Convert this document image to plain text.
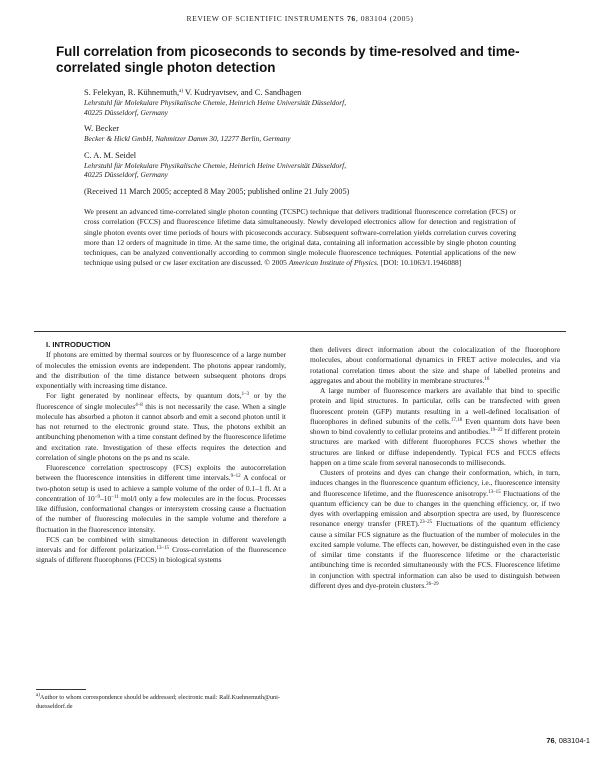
REVIEW OF SCIENTIFIC INSTRUMENTS 76, 083104 (2005)
Full correlation from picoseconds to seconds by time-resolved and time-correlated single photon detection

S. Felekyan, R. Kühnemuth,$^{a)}$ V. Kudryavtsev, and C. Sandhagen

Lehrstuhl für Molekulare Physikalische Chemie, Heinrich Heine Universität Düsseldorf,

40225 Düsseldorf, Germany

W. Becker

Becker & Hickl GmbH, Nahmitzer Damm 30, 12277 Berlin, Germany

C. A. M. Seidel

Lehrstuhl für Molekulare Physikalische Chemie, Heinrich Heine Universität Düsseldorf,

40225 Düsseldorf, Germany

(Received 11 March 2005; accepted 8 May 2005; published online 21 July 2005)

We present an advanced time-correlated single photon counting (TCSPC) technique that delivers traditional fluorescence correlation (FCS) or cross correlation (FCCS) and fluorescence lifetime data simultaneously. Newly developed electronics allow for detection and registration of single photon events over time periods of hours with picoseconds accuracy. Subsequent software-correlation yields correlation curves covering more than 12 orders of magnitude in time. At the same time, the original data, containing all information accessible by single photon counting techniques, can be analyzed conventionally according to common single molecule fluorescence techniques. Potential applications of the new technique using pulsed or cw laser excitation are discussed. © 2005 American Institute of Physics. [DOI: 10.1063/1.1946088]

I. INTRODUCTION

If photons are emitted by thermal sources or by fluorescence of a large number of molecules the emission events are independent. The photons appear randomly, and the distribution of the time distance between subsequent photons drops exponentially with increasing time distance.

For light generated by nonlinear effects, by quantum dots,$^{1-3}$ or by the fluorescence of single molecules$^{4-8}$ this is not necessarily the case. When a single molecule has absorbed a photon it cannot absorb and emit a second photon until it has not returned to the electronic ground state. Thus, the photons exhibit an antibunching phenomenon with a time constant defined by the fluorescence lifetime and excitation rate. Investigation of these effects requires the detection and correlation of single photons on the ps and ns scale.

Fluorescence correlation spectroscopy (FCS) exploits the autocorrelation between the fluorescence intensities in different time intervals.$^{9-12}$ A confocal or two-photon setup is used to achieve a sample volume of the order of 0.1–1 fl. At a concentration of $10^{-9}-10^{-11}$ mol/l only a few molecules are in the focus. Processes like diffusion, conformational changes or intersystem crossing cause a fluctuation of the number of fluorescing molecules in the sample volume and therefore a fluctuation in the fluorescence intensity.

FCS can be combined with simultaneous detection in different wavelength intervals and for different polarization.$^{13-15}$ Cross-correlation of the fluorescence signals of different fluorophores (FCCS) in biological systems

then delivers direct information about the colocalization of the fluorophore molecules, about conformational dynamics in FRET active molecules, and via rotational correlation times about the size and shape of labelled proteins and aggregates and about the mobility in membrane structures.$^{16}$

A large number of fluorescence markers are available that bind to specific protein and lipid structures. In particular, cells can be transfected with green fluorescent protein (GFP) mutants resulting in a well-defined localisation of fluorophores in defined subunits of the cells.$^{17,18}$ Even quantum dots have been shown to bind covalently to cellular proteins and antibodies.$^{19-22}$ If different protein structures are marked with different fluorophores FCCS shows whether the structures are linked or diffuse independently. Typical FCS and FCCS effects happen on a time scale from several nanoseconds to milliseconds.

Clusters of proteins and dyes can change their conformation, which, in turn, induces changes in the fluorescence quantum efficiency, i.e., fluorescence intensity and fluorescence lifetime, and the fluorescence anisotropy.$^{13-15}$ Fluctuations of the quantum efficiency can be due to changes in the quenching efficiency, or, if two dyes with overlapping emission and absorption spectra are used, by fluorescence resonance energy transfer (FRET).$^{23-25}$ Fluctuations of the quantum efficiency cause a similar FCS signature as the fluctuation of the number of molecules in the excited sample volume. The effects can, however, be distinguished even in the case of similar time constants if the fluorescence lifetime or the characteristic antibunching time is recorded simultaneously with the FCS. Fluorescence lifetime in conjunction with spectral information can also be used to distinguish between different dyes and dye-protein clusters.$^{26-29}$

$^{a)}$Author to whom correspondence should be addressed; electronic mail: Ralf.Kuehnemuth@uni-duesseldorf.de

76, 083104-1
